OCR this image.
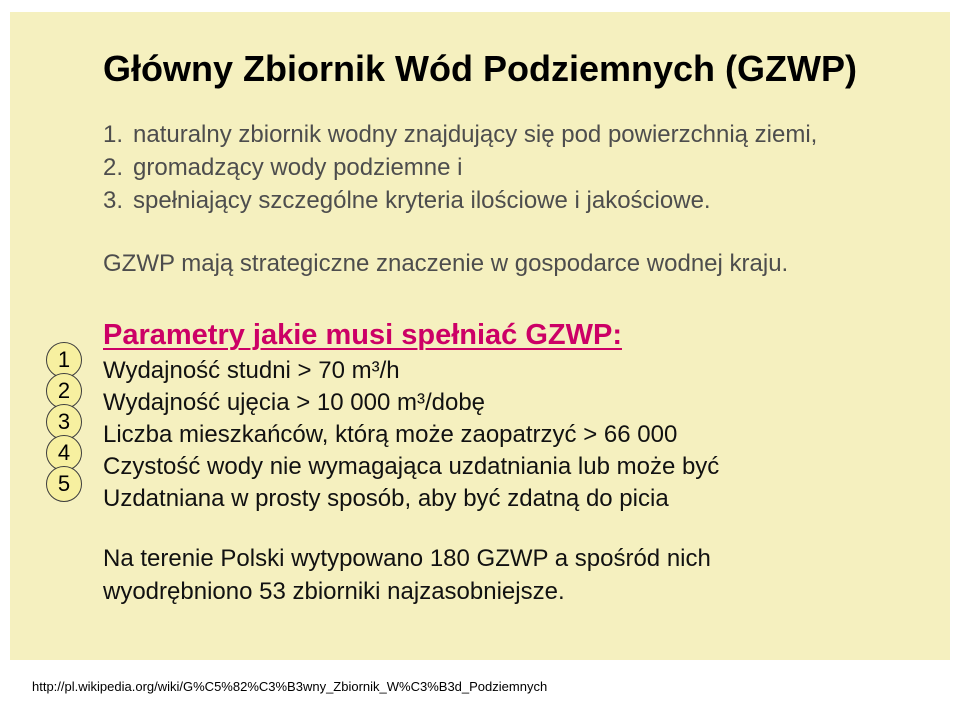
Główny Zbiornik Wód Podziemnych (GZWP)
1. naturalny zbiornik wodny znajdujący się pod powierzchnią ziemi,
2. gromadzący wody podziemne i
3. spełniający szczególne kryteria ilościowe i jakościowe.

GZWP mają strategiczne znaczenie w gospodarce wodnej kraju.

Parametry jakie musi spełniać GZWP:
1
2
3
4
5
Wydajność studni > 70 m³/h
Wydajność ujęcia > 10 000 m³/dobę
Liczba mieszkańców, którą może zaopatrzyć > 66 000
Czystość wody nie wymagająca uzdatniania lub może być
Uzdatniana w prosty sposób, aby być zdatną do picia
Na terenie Polski wytypowano 180 GZWP a spośród nich
wyodrębniono 53 zbiorniki najzasobniejsze.

http://pl.wikipedia.org/wiki/G%C5%82%C3%B3wny_Zbiornik_W%C3%B3d_Podziemnych
